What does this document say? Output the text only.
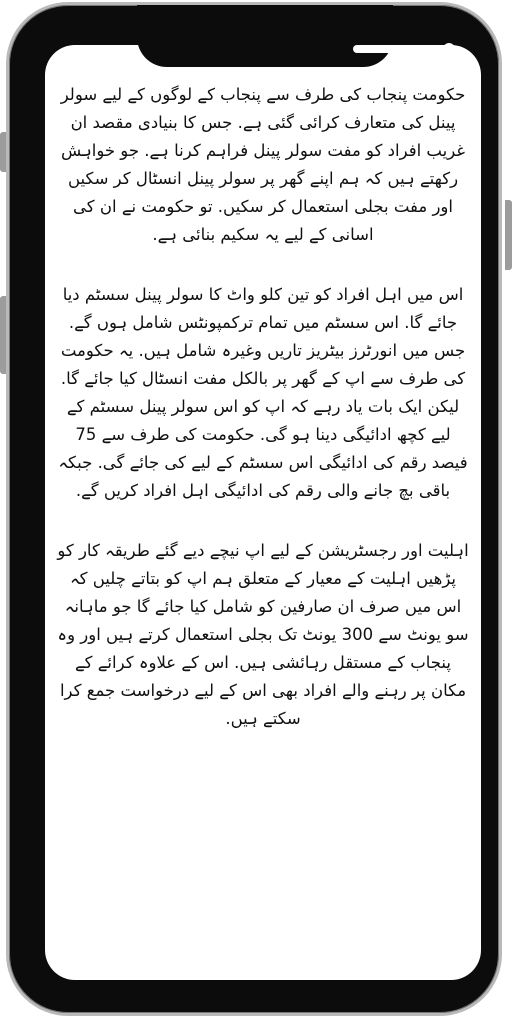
حکومت پنجاب کی طرف سے پنجاب کے لوگوں کے لیے سولر پینل کی متعارف کرائی گئی ہے. جس کا بنیادی مقصد ان غریب افراد کو مفت سولر پینل فراہم کرنا ہے. جو خواہش رکھتے ہیں کہ ہم اپنے گھر پر سولر پینل انسٹال کر سکیں اور مفت بجلی استعمال کر سکیں. تو حکومت نے ان کی اسانی کے لیے یہ سکیم بنائی ہے.

اس میں اہل افراد کو تین کلو واٹ کا سولر پینل سسٹم دیا جائے گا. اس سسٹم میں تمام ترکمپونٹس شامل ہوں گے. جس میں انورٹرز بیٹریز تاریں وغیرہ شامل ہیں. یہ حکومت کی طرف سے اپ کے گھر پر بالکل مفت انسٹال کیا جائے گا. لیکن ایک بات یاد رہے کہ اپ کو اس سولر پینل سسٹم کے لیے کچھ ادائیگی دینا ہو گی. حکومت کی طرف سے 75 فیصد رقم کی ادائیگی اس سسٹم کے لیے کی جائے گی. جبکہ باقی بچ جانے والی رقم کی ادائیگی اہل افراد کریں گے.

اہلیت اور رجسٹریشن کے لیے اپ نیچے دیے گئے طریقہ کار کو پڑھیں اہلیت کے معیار کے متعلق ہم اپ کو بتاتے چلیں کہ اس میں صرف ان صارفین کو شامل کیا جائے گا جو ماہانہ سو یونٹ سے 300 یونٹ تک بجلی استعمال کرتے ہیں اور وہ پنجاب کے مستقل رہائشی ہیں. اس کے علاوہ کرائے کے مکان پر رہنے والے افراد بھی اس کے لیے درخواست جمع کرا سکتے ہیں.
